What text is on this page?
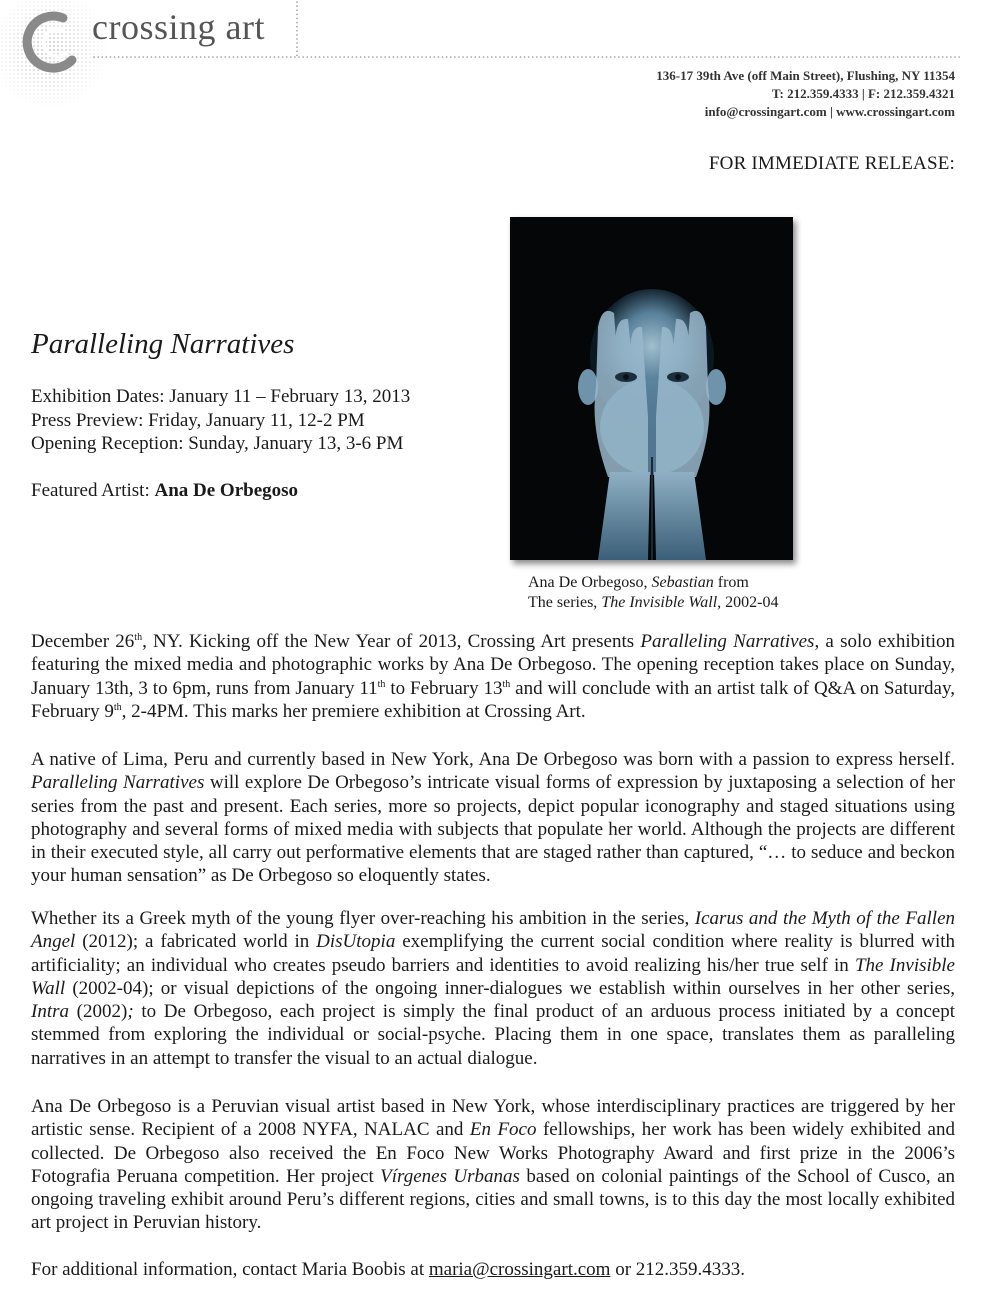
crossing art
136-17 39th Ave (off Main Street), Flushing, NY 11354
T: 212.359.4333 | F: 212.359.4321
info@crossingart.com | www.crossingart.com
FOR IMMEDIATE RELEASE:
Paralleling Narratives
Exhibition Dates: January 11 – February 13, 2013
Press Preview: Friday, January 11, 12-2 PM
Opening Reception: Sunday, January 13, 3-6 PM
Featured Artist: Ana De Orbegoso
Ana De Orbegoso, Sebastian from
The series, The Invisible Wall, 2002-04

December 26th, NY. Kicking off the New Year of 2013, Crossing Art presents Paralleling Narratives, a solo exhibition featuring the mixed media and photographic works by Ana De Orbegoso. The opening reception takes place on Sunday, January 13th, 3 to 6pm, runs from January 11th to February 13th and will conclude with an artist talk of Q&A on Saturday, February 9th, 2-4PM. This marks her premiere exhibition at Crossing Art.

A native of Lima, Peru and currently based in New York, Ana De Orbegoso was born with a passion to express herself. Paralleling Narratives will explore De Orbegoso’s intricate visual forms of expression by juxtaposing a selection of her series from the past and present. Each series, more so projects, depict popular iconography and staged situations using photography and several forms of mixed media with subjects that populate her world. Although the projects are different in their executed style, all carry out performative elements that are staged rather than captured, “… to seduce and beckon your human sensation” as De Orbegoso so eloquently states.

Whether its a Greek myth of the young flyer over-reaching his ambition in the series, Icarus and the Myth of the Fallen Angel (2012); a fabricated world in DisUtopia exemplifying the current social condition where reality is blurred with artificiality; an individual who creates pseudo barriers and identities to avoid realizing his/her true self in The Invisible Wall (2002-04); or visual depictions of the ongoing inner-dialogues we establish within ourselves in her other series, Intra (2002); to De Orbegoso, each project is simply the final product of an arduous process initiated by a concept stemmed from exploring the individual or social-psyche. Placing them in one space, translates them as paralleling narratives in an attempt to transfer the visual to an actual dialogue.

Ana De Orbegoso is a Peruvian visual artist based in New York, whose interdisciplinary practices are triggered by her artistic sense. Recipient of a 2008 NYFA, NALAC and En Foco fellowships, her work has been widely exhibited and collected. De Orbegoso also received the En Foco New Works Photography Award and first prize in the 2006’s Fotografia Peruana competition. Her project Vírgenes Urbanas based on colonial paintings of the School of Cusco, an ongoing traveling exhibit around Peru’s different regions, cities and small towns, is to this day the most locally exhibited art project in Peruvian history.

For additional information, contact Maria Boobis at maria@crossingart.com or 212.359.4333.
